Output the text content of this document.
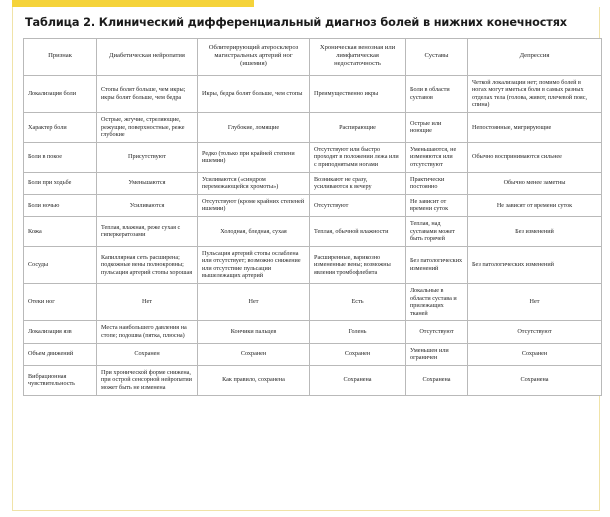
Таблица 2. Клинический дифференциальный диагноз болей в нижних конечностях
Признак	Диабетическая нейропатия	Облитерирующий атеросклероз магистральных артерий ног (ишемия)	Хроническая венозная или лимфатическая недостаточность	Суставы	Депрессия
Локализация боли	Стопы болят больше, чем икры; икры болят больше, чем бедра	Икры, бедра болят больше, чем стопы	Преимущественно икры	Боли в области суставов	Четкой локализации нет; помимо болей в ногах могут иметься боли в самых разных отделах тела (голова, живот, плечевой пояс, спина)
Характер боли	Острые, жгучие, стреляющие, режущие, поверхностные, реже глубокие	Глубокие, ломящие	Распирающие	Острые или ноющие	Непостоянные, мигрирующие
Боли в покое	Присутствуют	Редко (только при крайней степени ишемии)	Отсутствуют или быстро проходят в положении лежа или с приподнятыми ногами	Уменьшаются, не изменяются или отсутствуют	Обычно воспринимаются сильнее
Боли при ходьбе	Уменьшаются	Усиливаются («синдром перемежающейся хромоты»)	Возникают не сразу, усиливаются к вечеру	Практически постоянно	Обычно менее заметны
Боли ночью	Усиливаются	Отсутствуют (кроме крайних степеней ишемии)	Отсутствуют	Не зависит от времени суток	Не зависят от времени суток
Кожа	Теплая, влажная, реже сухая с гиперкератозами	Холодная, бледная, сухая	Теплая, обычной влажности	Теплая, над суставами может быть горячей	Без изменений
Сосуды	Капиллярная сеть расширена; подкожные вены полнокровны; пульсация артерий стопы хорошая	Пульсация артерий стопы ослаблена или отсутствует; возможно снижение или отсутствие пульсации вышележащих артерий	Расширенные, варикозно измененные вены; возможны явления тромбофлебита	Без патологических изменений	Без патологических изменений
Отеки ног	Нет	Нет	Есть	Локальные в области сустава и прилежащих тканей	Нет
Локализация язв	Места наибольшего давления на стопе; подошва (пятка, плюсна)	Кончики пальцев	Голень	Отсутствуют	Отсутствуют
Объем движений	Сохранен	Сохранен	Сохранен	Уменьшен или ограничен	Сохранен
Вибрационная чувствительность	При хронической форме снижена, при острой сенсорной нейропатии может быть не изменена	Как правило, сохранена	Сохранена	Сохранена	Сохранена
